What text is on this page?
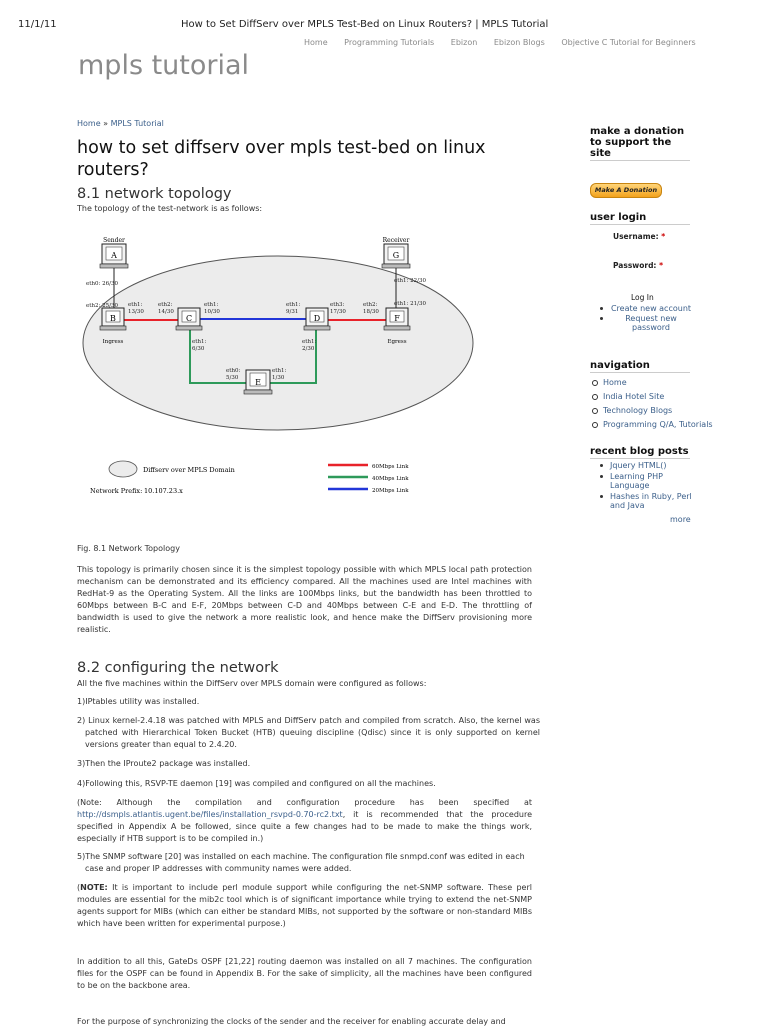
11/1/11	How to Set DiffServ over MPLS Test-Bed on Linux Routers? | MPLS Tutorial
Home Programming Tutorials Ebizon Ebizon Blogs Objective C Tutorial for Beginners
mpls tutorial
Home » MPLS Tutorial
how to set diffserv over mpls test-bed on linux routers?
8.1 network topology
The topology of the test-network is as follows:
A	G
B	C	D	F
E
Sender	Receiver
Ingress	Egress
eth0: 26/30
eth2: 25/30 eth1:
13/30
eth2:
14/30
eth1:
10/30
eth1:
6/30
eth1:
9/31
eth3:
17/30
eth1:
2/30
eth2:
18/30
eth1: 21/30
eth1: 22/30
eth0:
5/30
eth1:
1/30
Diffserv over MPLS Domain
Network Prefix: 10.107.23.x
60Mbps Link
40Mbps Link
20Mbps Link
Fig. 8.1 Network Topology
This topology is primarily chosen since it is the simplest topology possible with which MPLS local path protection mechanism can be demonstrated and its efficiency compared. All the machines used are Intel machines with RedHat-9 as the Operating System. All the links are 100Mbps links, but the bandwidth has been throttled to 60Mbps between B-C and E-F, 20Mbps between C-D and 40Mbps between C-E and E-D. The throttling of bandwidth is used to give the network a more realistic look, and hence make the DiffServ provisioning more realistic.
8.2 configuring the network
All the five machines within the DiffServ over MPLS domain were configured as follows:
1)IPtables utility was installed.
2) Linux kernel-2.4.18 was patched with MPLS and DiffServ patch and compiled from scratch. Also, the kernel was patched with Hierarchical Token Bucket (HTB) queuing discipline (Qdisc) since it is only supported on kernel versions greater than equal to 2.4.20.
3)Then the IProute2 package was installed.
4)Following this, RSVP-TE daemon [19] was compiled and configured on all the machines.
(Note: Although the compilation and configuration procedure has been specified at http://dsmpls.atlantis.ugent.be/files/installation_rsvpd-0.70-rc2.txt, it is recommended that the procedure specified in Appendix A be followed, since quite a few changes had to be made to make the things work, especially if HTB support is to be compiled in.)
5)The SNMP software [20] was installed on each machine. The configuration file snmpd.conf was edited in each case and proper IP addresses with community names were added.
(NOTE: It is important to include perl module support while configuring the net-SNMP software. These perl modules are essential for the mib2c tool which is of significant importance while trying to extend the net-SNMP agents support for MIBs (which can either be standard MIBs, not supported by the software or non-standard MIBs which have been written for experimental purpose.)
In addition to all this, GateDs OSPF [21,22] routing daemon was installed on all 7 machines. The configuration files for the OSPF can be found in Appendix B. For the sake of simplicity, all the machines have been configured to be on the backbone area.
For the purpose of synchronizing the clocks of the sender and the receiver for enabling accurate delay and
make a donation to support the site
Make A Donation
user login
Username: *
Password: *
Log In
Create new account
Request new password
navigation
Home
India Hotel Site
Technology Blogs
Programming Q/A, Tutorials
recent blog posts
Jquery HTML()
Learning PHP Language
Hashes in Ruby, Perl and Java
more
